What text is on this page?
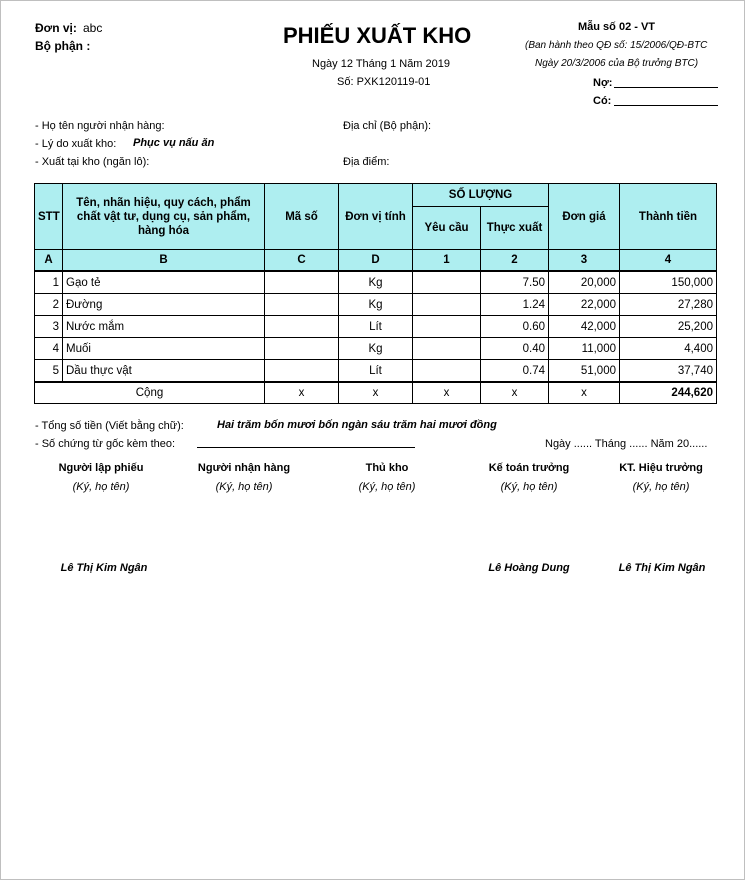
Đơn vị: abc
Bộ phận :	PHIẾU XUẤT KHO
Ngày 12 Tháng 1 Năm 2019
Số: PXK120119-01
Mẫu số 02 - VT
(Ban hành theo QĐ số: 15/2006/QĐ-BTC
Ngày 20/3/2006 của Bộ trưởng BTC)
Nợ:
Có:
- Họ tên người nhận hàng:	Địa chỉ (Bộ phận):
- Lý do xuất kho: Phục vụ nấu ăn
- Xuất tại kho (ngăn lô):	Địa điểm:
STT	Tên, nhãn hiệu, quy cách, phẩm chất vật tư, dụng cụ, sản phẩm, hàng hóa	Mã số	Đơn vị tính	SỐ LƯỢNG		Đơn giá	Thành tiền
				Yêu cầu	Thực xuất		
A	B	C	D	1	2	3	4
1	Gạo tẻ		Kg		7.50	20,000	150,000
2	Đường		Kg		1.24	22,000	27,280
3	Nước mắm		Lít		0.60	42,000	25,200
4	Muối		Kg		0.40	11,000	4,400
5	Dầu thực vật		Lít		0.74	51,000	37,740
Cộng		x	x	x	x	x	244,620
- Tổng số tiền (Viết bằng chữ):	Hai trăm bốn mươi bốn ngàn sáu trăm hai mươi đồng
- Số chứng từ gốc kèm theo:	Ngày ...... Tháng ...... Năm 20......
Người lập phiếu
(Ký, họ tên)
Lê Thị Kim Ngân
Người nhận hàng
(Ký, họ tên)
Thủ kho
(Ký, họ tên)
Kế toán trưởng
(Ký, họ tên)
Lê Hoàng Dung
KT. Hiệu trưởng
(Ký, họ tên)
Lê Thị Kim Ngân
